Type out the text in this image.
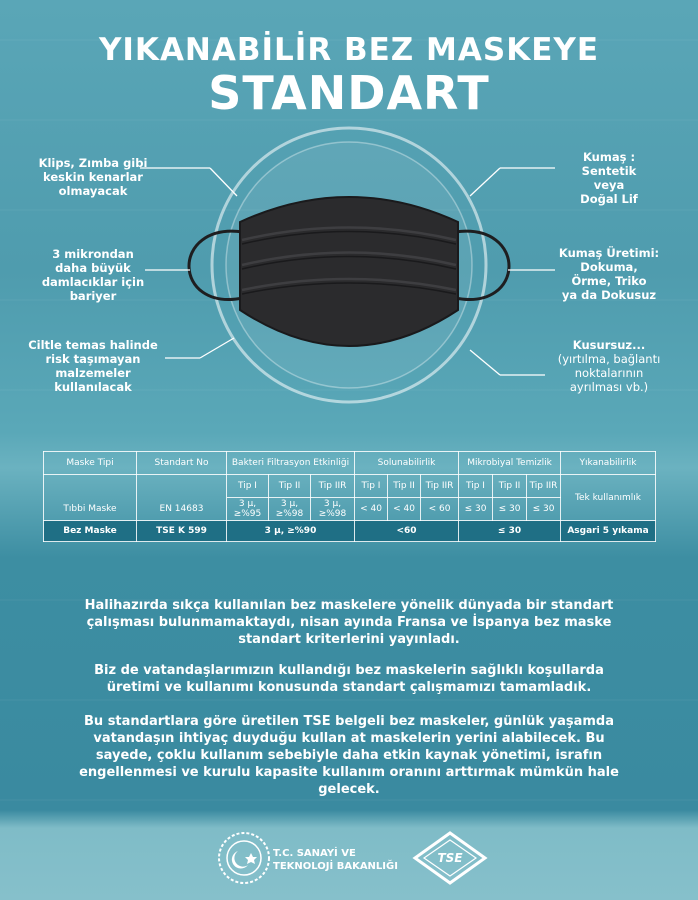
YIKANABİLİR BEZ MASKEYE
STANDART
Klips, Zımba gibi
keskin kenarlar
olmayacak
3 mikrondan
daha büyük
damlacıklar için
bariyer
Ciltle temas halinde
risk taşımayan
malzemeler
kullanılacak
Kumaş :
Sentetik
veya
Doğal Lif
Kumaş Üretimi:
Dokuma,
Örme, Triko
ya da Dokusuz
Kusursuz...
(yırtılma, bağlantı
noktalarının
ayrılması vb.)
Maske Tipi	Standart No	Bakteri Filtrasyon Etkinliği			Solunabilirlik			Mikrobiyal Temizlik			Yıkanabilirlik
		Tip I	Tip II	Tip IIR	Tip I	Tip II	Tip IIR	Tip I	Tip II	Tip IIR	Tek kullanımlık
Tıbbi Maske	EN 14683	3 µ, ≥%95	3 µ, ≥%98	3 µ, ≥%98	< 40	< 40	< 60	≤ 30	≤ 30	≤ 30	
Bez Maske	TSE K 599	3 µ, ≥%90			<60			≤ 30			Asgari 5 yıkama
Halihazırda sıkça kullanılan bez maskelere yönelik dünyada bir standart çalışması bulunmamaktaydı, nisan ayında Fransa ve İspanya bez maske standart kriterlerini yayınladı.
Biz de vatandaşlarımızın kullandığı bez maskelerin sağlıklı koşullarda üretimi ve kullanımı konusunda standart çalışmamızı tamamladık.
Bu standartlara göre üretilen TSE belgeli bez maskeler, günlük yaşamda vatandaşın ihtiyaç duyduğu kullan at maskelerin yerini alabilecek. Bu sayede, çoklu kullanım sebebiyle daha etkin kaynak yönetimi, israfın engellenmesi ve kurulu kapasite kullanım oranını arttırmak mümkün hale gelecek.
T.C. SANAYİ VE
TEKNOLOJİ BAKANLIĞI
TSE
